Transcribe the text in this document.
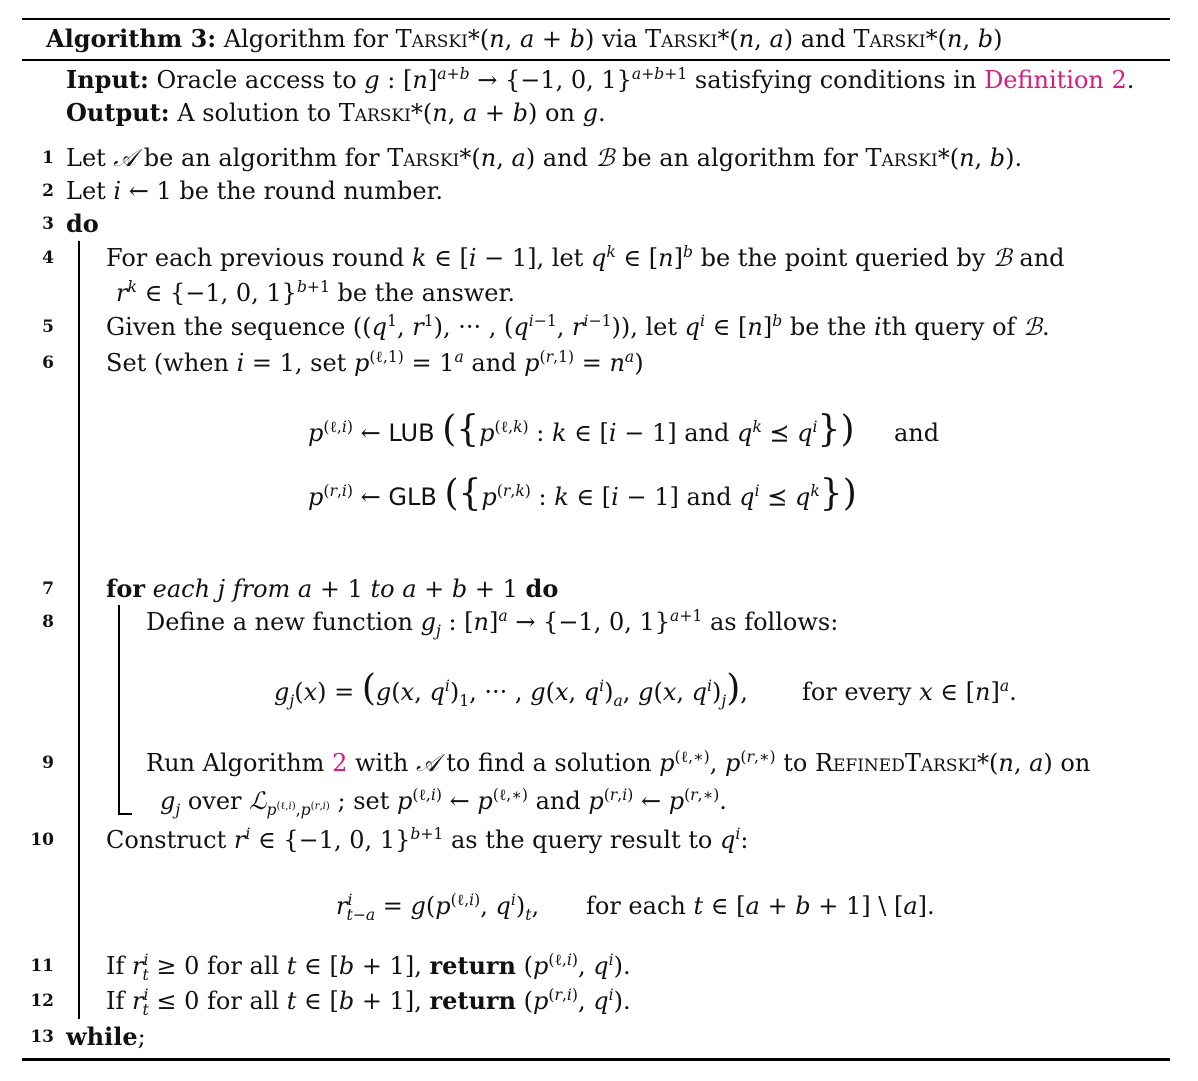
Algorithm 3: Algorithm for Tarski*(n, a + b) via Tarski*(n, a) and Tarski*(n, b)
Input: Oracle access to g : $[n]^{a+b} \to \{-1$, 0, 1}$^{a+b+1}$ satisfying conditions in Definition 2.
Output: A solution to Tarski*(n, a + b) on g.
1
2
3
4
5
6
7
8
9
10
11
12
13
Let 𝒜 be an algorithm for Tarski*(n, a) and ℬ be an algorithm for Tarski*(n, b).
Let i ← 1 be the round number.
do
For each previous round k ∈ [i − 1], let $q^k$ ∈ $[n]^b$ be the point queried by ℬ and
$r^k$ ∈ {−1, 0, 1}$^{b+1}$ be the answer.
Given the sequence (($q^1$, $r^1$), ··· , ($q^{i-1}$, $r^{i-1}$)), let $q^i$ ∈ $[n]^b$ be the ith query of ℬ.
Set (when i = 1, set $p^{(\ell,1)} = 1^a$ and $p^{(r,1)} = n^a$)
$p^{(\ell,i)}$ ← LUB ({$p^{(\ell,k)}$ : k ∈ [i − 1] and $q^k$ ⪯ $q^i$}) and
$p^{(r,i)}$ ← GLB ({$p^{(r,k)}$ : k ∈ [i − 1] and $q^i$ ⪯ $q^k$})
for each j from a + 1 to a + b + 1 do
Define a new function $g_j$ : $[n]^a \to \{-1$, 0, 1}$^{a+1}$ as follows:
$g_j(x) = (g(x$, $q^i)_1$, ··· , g(x, $q^i)_a$, g(x, $q^i)_j$), for every x ∈ $[n]^a$.
Run Algorithm 2 with 𝒜 to find a solution $p^{(\ell,∗)}$, $p^{(r,∗)}$ to RefinedTarski*(n, a) on
$g_j$ over ℒ$_{p^{(\ell,i)},p^{(r,i)}}$ ; set $p^{(\ell,i)}$ ← $p^{(\ell,∗)}$ and $p^{(r,i)}$ ← $p^{(r,∗)}$.
Construct $r^i$ ∈ {−1, 0, 1}$^{b+1}$ as the query result to $q^i$:
$r^i_{t-a} = g(p^{(\ell,i)}$, $q^i)_t$, for each t ∈ [a + b + 1] \ [a].
If $r^i_t \ge 0$ for all t ∈ [b + 1], return ($p^{(\ell,i)}$, $q^i$).
If $r^i_t \le 0$ for all t ∈ [b + 1], return ($p^{(r,i)}$, $q^i$).
while;
